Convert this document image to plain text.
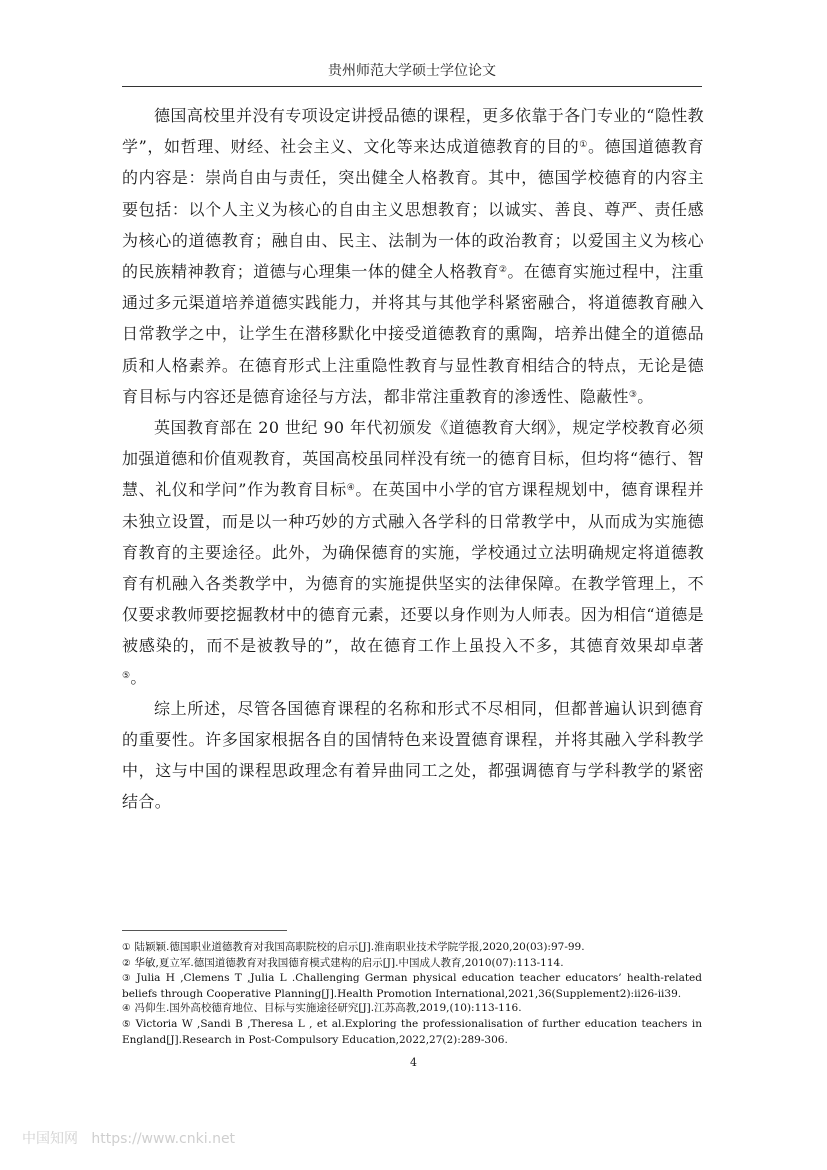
贵州师范大学硕士学位论文

德国高校里并没有专项设定讲授品德的课程，更多依靠于各门专业的“隐性教学”，如哲理、财经、社会主义、文化等来达成道德教育的目的①。德国道德教育的内容是：崇尚自由与责任，突出健全人格教育。其中，德国学校德育的内容主要包括：以个人主义为核心的自由主义思想教育；以诚实、善良、尊严、责任感为核心的道德教育；融自由、民主、法制为一体的政治教育；以爱国主义为核心的民族精神教育；道德与心理集一体的健全人格教育②。在德育实施过程中，注重通过多元渠道培养道德实践能力，并将其与其他学科紧密融合，将道德教育融入日常教学之中，让学生在潜移默化中接受道德教育的熏陶，培养出健全的道德品质和人格素养。在德育形式上注重隐性教育与显性教育相结合的特点，无论是德育目标与内容还是德育途径与方法，都非常注重教育的渗透性、隐蔽性③。

英国教育部在 20 世纪 90 年代初颁发《道德教育大纲》，规定学校教育必须加强道德和价值观教育，英国高校虽同样没有统一的德育目标，但均将“德行、智慧、礼仪和学问”作为教育目标④。在英国中小学的官方课程规划中，德育课程并未独立设置，而是以一种巧妙的方式融入各学科的日常教学中，从而成为实施德育教育的主要途径。此外，为确保德育的实施，学校通过立法明确规定将道德教育有机融入各类教学中，为德育的实施提供坚实的法律保障。在教学管理上，不仅要求教师要挖掘教材中的德育元素，还要以身作则为人师表。因为相信“道德是被感染的，而不是被教导的”，故在德育工作上虽投入不多，其德育效果却卓著⑤。

综上所述，尽管各国德育课程的名称和形式不尽相同，但都普遍认识到德育的重要性。许多国家根据各自的国情特色来设置德育课程，并将其融入学科教学中，这与中国的课程思政理念有着异曲同工之处，都强调德育与学科教学的紧密结合。

① 陆颖颖.德国职业道德教育对我国高职院校的启示[J].淮南职业技术学院学报,2020,20(03):97-99.

② 华敏,夏立军.德国道德教育对我国德育模式建构的启示[J].中国成人教育,2010(07):113-114.

③ Julia H ,Clemens T ,Julia L .Challenging German physical education teacher educators’ health-related beliefs through Cooperative Planning[J].Health Promotion International,2021,36(Supplement2):ii26-ii39.

④ 冯仰生.国外高校德育地位、目标与实施途径研究[J].江苏高教,2019,(10):113-116.

⑤ Victoria W ,Sandi B ,Theresa L , et al.Exploring the professionalisation of further education teachers in England[J].Research in Post-Compulsory Education,2022,27(2):289-306.

4
中国知网   https://www.cnki.net
